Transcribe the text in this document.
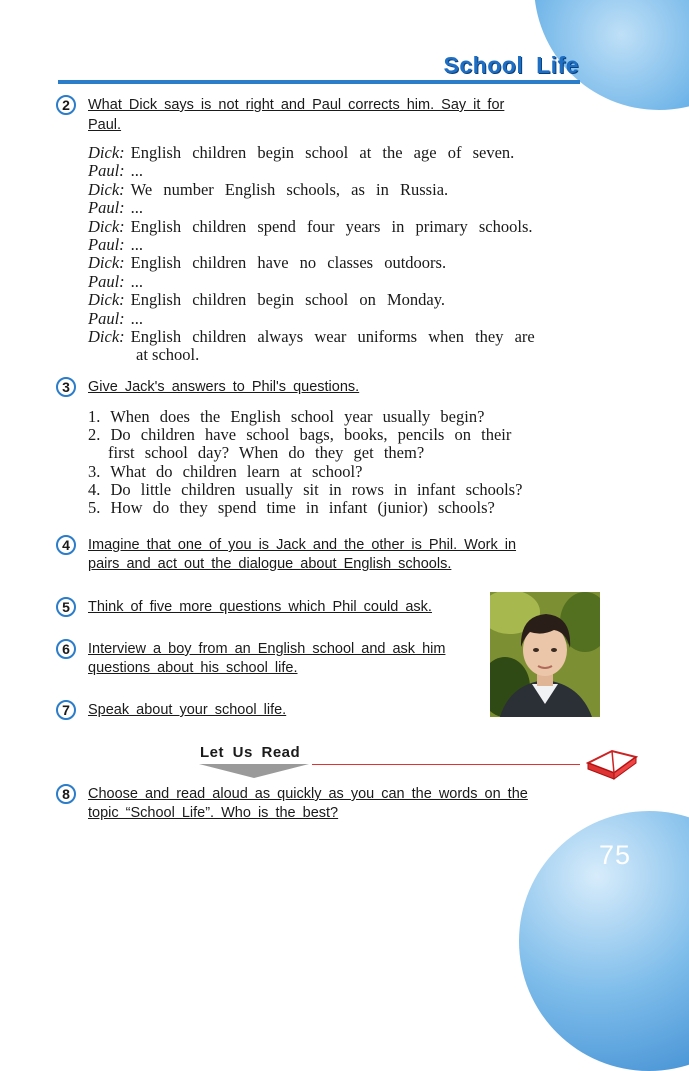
School Life
2	What Dick says is not right and Paul corrects him. Say it for
Paul.
Dick: English children begin school at the age of seven.
Paul: ...
Dick: We number English schools, as in Russia.
Paul: ...
Dick: English children spend four years in primary schools.
Paul: ...
Dick: English children have no classes outdoors.
Paul: ...
Dick: English children begin school on Monday.
Paul: ...
Dick: English children always wear uniforms when they are
at school.
3	Give Jack's answers to Phil's questions.
1. When does the English school year usually begin?
2. Do children have school bags, books, pencils on their
first school day? When do they get them?
3. What do children learn at school?
4. Do little children usually sit in rows in infant schools?
5. How do they spend time in infant (junior) schools?
4	Imagine that one of you is Jack and the other is Phil. Work in
pairs and act out the dialogue about English schools.
5	Think of five more questions which Phil could ask.
6	Interview a boy from an English school and ask him
questions about his school life.
7	Speak about your school life.
Let Us Read
8	Choose and read aloud as quickly as you can the words on the
topic “School Life”. Who is the best?
75
